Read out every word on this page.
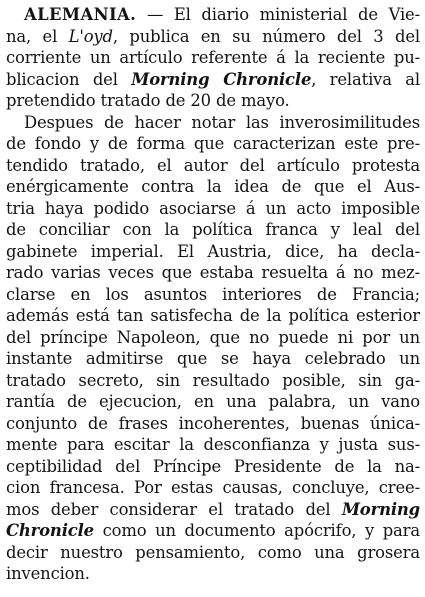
ALEMANIA. — El diario ministerial de Vie-
na, el L'oyd, publica en su número del 3 del
corriente un artículo referente á la reciente pu-
blicacion del Morning Chronicle, relativa al
pretendido tratado de 20 de mayo.
Despues de hacer notar las inverosimilitudes
de fondo y de forma que caracterizan este pre-
tendido tratado, el autor del artículo protesta
enérgicamente contra la idea de que el Aus-
tria haya podido asociarse á un acto imposible
de conciliar con la política franca y leal del
gabinete imperial. El Austria, dice, ha decla-
rado varias veces que estaba resuelta á no mez-
clarse en los asuntos interiores de Francia;
además está tan satisfecha de la política esterior
del príncipe Napoleon, que no puede ni por un
instante admitirse que se haya celebrado un
tratado secreto, sin resultado posible, sin ga-
rantía de ejecucion, en una palabra, un vano
conjunto de frases incoherentes, buenas única-
mente para escitar la desconfianza y justa sus-
ceptibilidad del Príncipe Presidente de la na-
cion francesa. Por estas causas, concluye, cree-
mos deber considerar el tratado del Morning
Chronicle como un documento apócrifo, y para
decir nuestro pensamiento, como una grosera
invencion.
